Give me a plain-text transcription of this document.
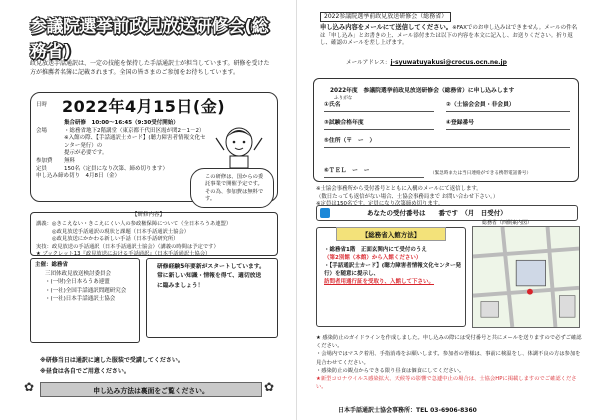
参議院選挙前政見放送研修会(総務省)
政見放送手話通訳は、一定の技能を保持した手話通訳士が担当しています。研修を受けた方が推薦者名簿に記載されます。全国の皆さまのご参加をお待ちしています。
日時 2022年4月15日(金)
集合研修　10:00～16:45（9:30受付開始）
会場	・総務省地下2階講堂（東京都千代田区霞が関2－1－2）
※入館の際、【手話通訳士カード】(聴力障害者情報文化センター発行）の
提示が必要です。
参加費 無料
定員	150名（定員になり次第、締め切ります）
申し込み締め切り　 4月8日（金）	この研修は、国からの委託事業で開催予定です。その為、参加費は無料です。
【研修内容】
講義：◎きこえない・きこえにくい人の参政権保障について（全日本ろうあ連盟）
◎政見放送手話通訳の現状と課題（日本手話通訳士協会）
◎政見放送にかかわる新しい手話（日本手話研究所）
実技：政見放送の手話通訳（日本手話通訳士協会）（講義の時間は予定です）
★ ブックレット13『政見放送における手話通訳』（日本手話通訳士協会）
主催：総務省
三団体政見放送検討委員会
・(一財)全日本ろうあ連盟
・(一社)全国手話通訳問題研究会
・(一社)日本手話通訳士協会
研修経験5年要新がスタートしています。常に新しい知識・情報を得て、適切放送に臨みましょう！
※研修当日は通訳に適した服装で受講してください。
※昼食は各自でご用意ください。
✿	✿
申し込み方法は裏面をご覧ください。
2022参議院選挙前政見放送研修会（総務省）
申し込み内容をメールにて送信してください。※FAXでのお申し込みはできません。メールの件名は「申し込み」とお書きの上、メール添付または以下の内容を本文に記入し、お送りください。折り返し、確認のメールを差し上げます。
メールアドレス：j-syuwatuyakusi@crocus.ocn.ne.jp
2022年度　参議院選挙前政見放送研修会（総務省）に申し込みします
①氏名
ふりがな
②（士協会会員・非会員）
③試験合格年度	④登録番号
⑤住所（〒　ー　）
⑥ＴＥＬ　ー　ー	（緊急時または当日連絡ができる携帯電話番号）
※士協会事務所から受付番号とともに入構のメールにて返信します。
（数日たっても返信がない場合、士協会事務局まで お問い合わせ下さい。）
※定員は150名です。定員になり次第締め切ります。
あなたの受付番号は　　番です　（月　日受付）
【総務省入館方法】
・総務省1階　正面玄関内にて受付のうえ
（第2別館（本館）から入館ください）
・【手話通訳士カード】(聴力障害者情報文化センター発行）を随意に提示し、
訪問者用通行証を受取り、入館して下さい。
総務省（西側案内図）
★ 感染防止のガイドラインを作成しました。申し込みの際には受付番号と共にメールを送りますので必ずご確認ください。
・会場内ではマスク着用、手指消毒をお願いします。参加者の皆様は、事前に検温をし、体調不良の方は参加を見合わせてください。
・感染防止の観点からできる限り昼食は個食にしてください。
★新型コロナウイルス感染拡大、天候等の影響で急遽中止の場合は、士協会HPに掲載しますのでご確認ください。
日本手話通訳士協会事務所：TEL 03-6906-8360
